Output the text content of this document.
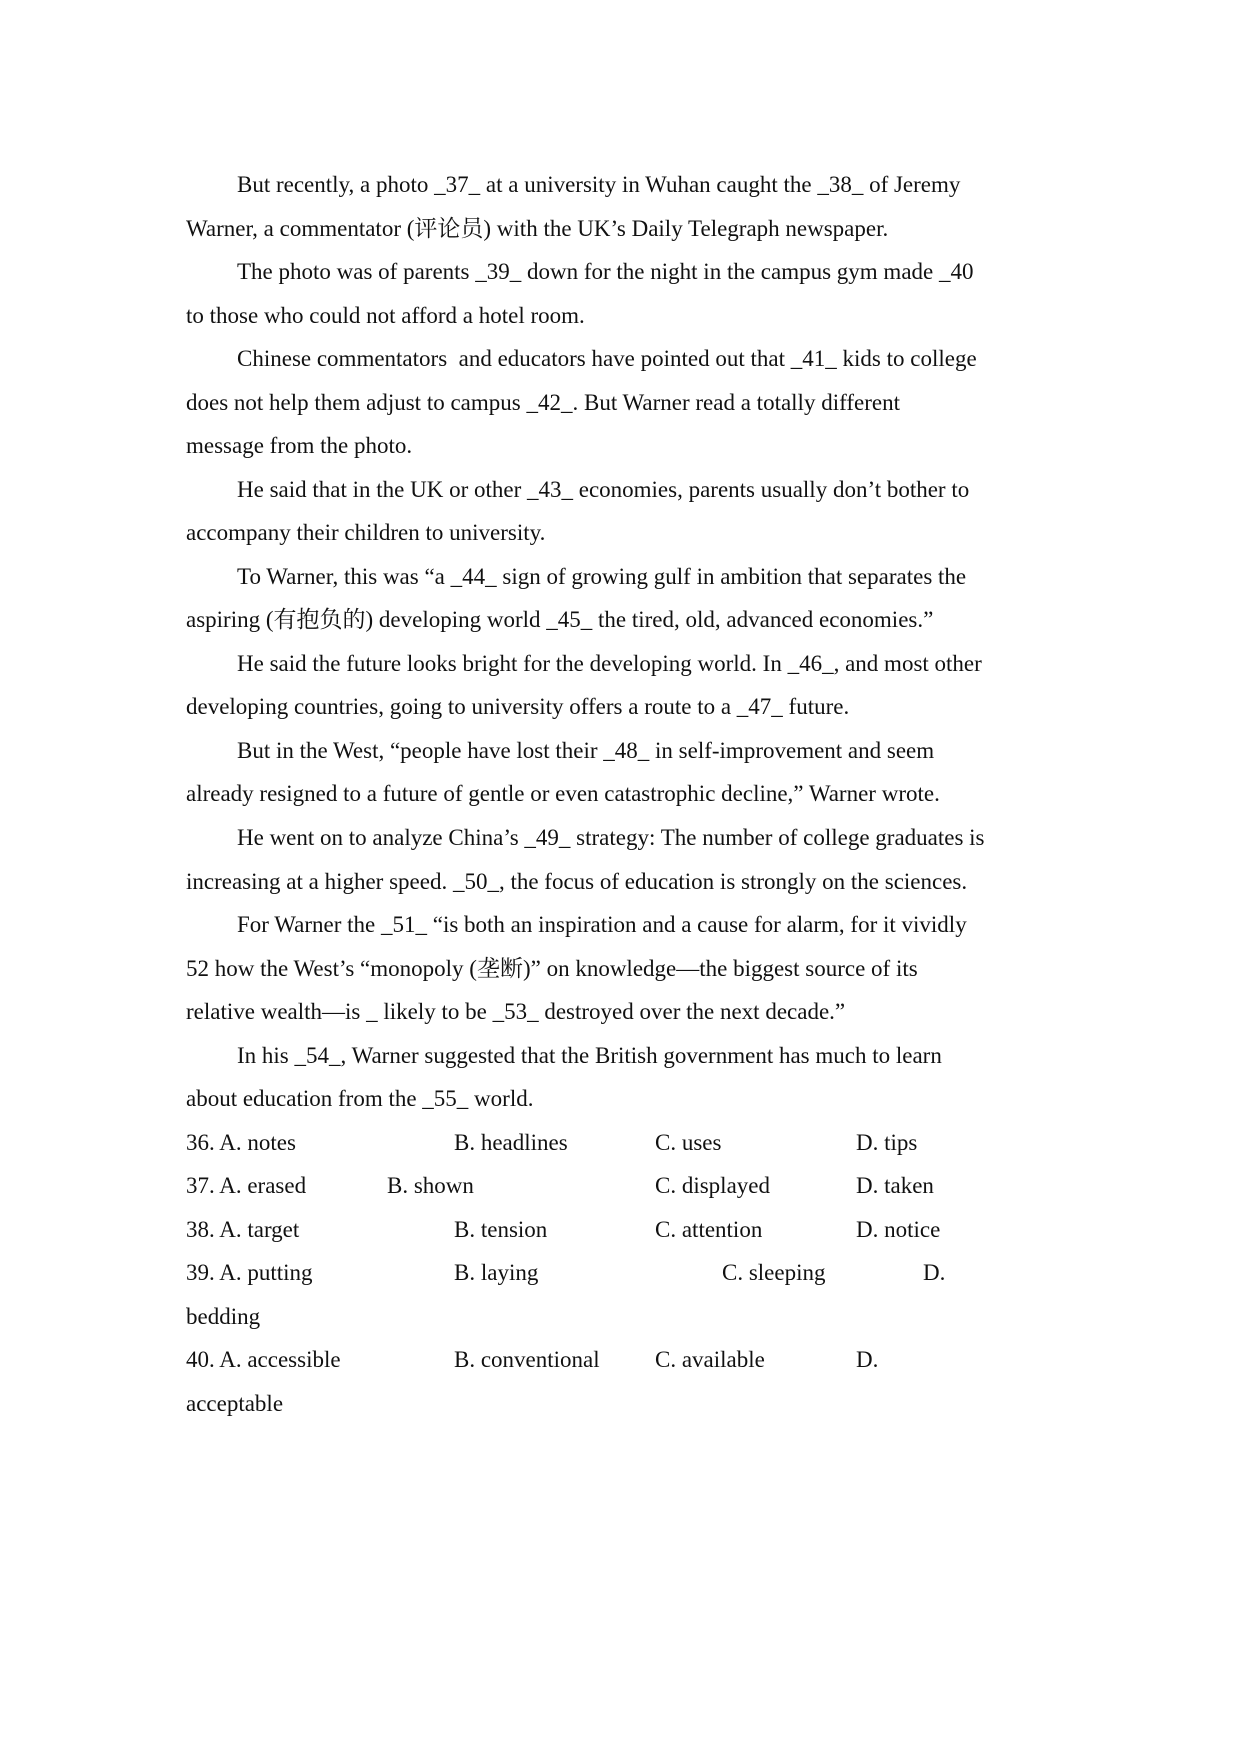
But recently, a photo _37_ at a university in Wuhan caught the _38_ of Jeremy
Warner, a commentator (评论员) with the UK’s Daily Telegraph newspaper.
The photo was of parents _39_ down for the night in the campus gym made _40
to those who could not afford a hotel room.
Chinese commentators  and educators have pointed out that _41_ kids to college
does not help them adjust to campus _42_. But Warner read a totally different
message from the photo.
He said that in the UK or other _43_ economies, parents usually don’t bother to
accompany their children to university.
To Warner, this was “a _44_ sign of growing gulf in ambition that separates the
aspiring (有抱负的) developing world _45_ the tired, old, advanced economies.”
He said the future looks bright for the developing world. In _46_, and most other
developing countries, going to university offers a route to a _47_ future.
But in the West, “people have lost their _48_ in self-improvement and seem
already resigned to a future of gentle or even catastrophic decline,” Warner wrote.
He went on to analyze China’s _49_ strategy: The number of college graduates is
increasing at a higher speed. _50_, the focus of education is strongly on the sciences.
For Warner the _51_ “is both an inspiration and a cause for alarm, for it vividly
52 how the West’s “monopoly (垄断)” on knowledge—the biggest source of its
relative wealth—is _ likely to be _53_ destroyed over the next decade.”
In his _54_, Warner suggested that the British government has much to learn
about education from the _55_ world.
36. A. notes	B. headlines	C. uses	D. tips
37. A. erased	B. shown	C. displayed	D. taken
38. A. target	B. tension	C. attention	D. notice
39. A. putting	B. laying	C. sleeping	D.
bedding
40. A. accessible	B. conventional C. available	D.
acceptable
